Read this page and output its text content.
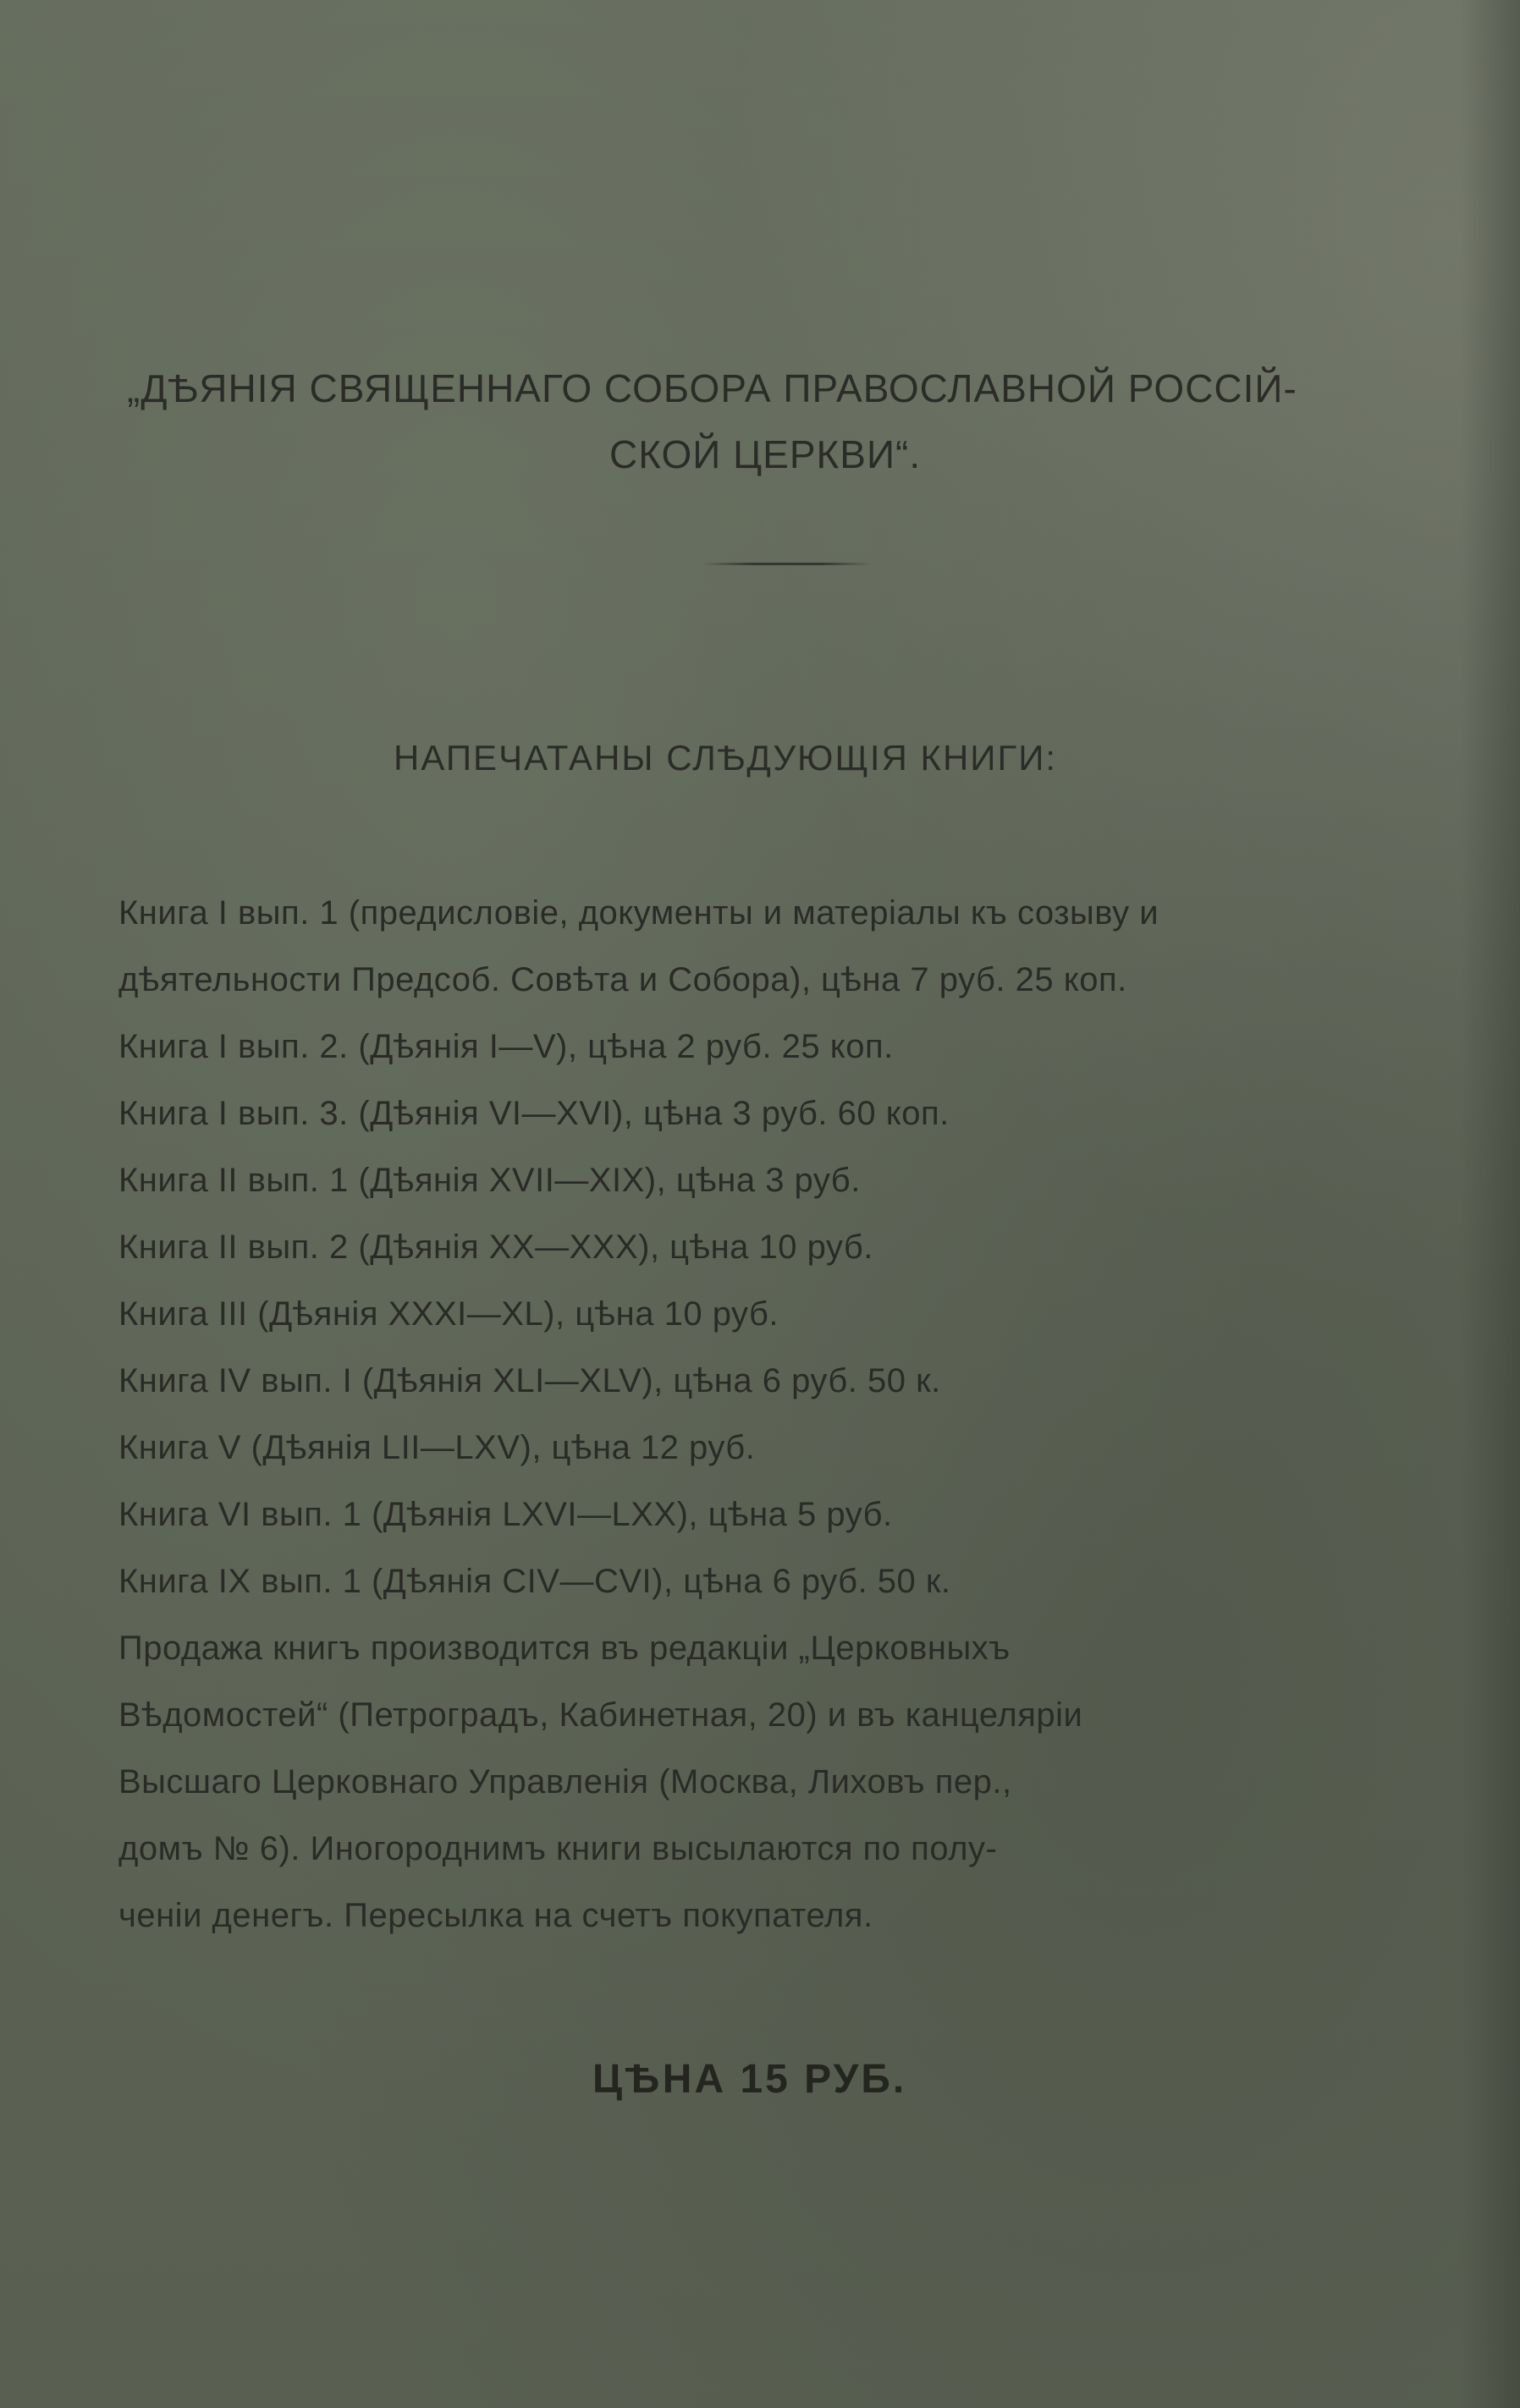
„ДѢЯНІЯ СВЯЩЕННАГО СОБОРА ПРАВОСЛАВНОЙ РОССІЙ-
СКОЙ ЦЕРКВИ“.
НАПЕЧАТАНЫ СЛѢДУЮЩІЯ КНИГИ:
Книга I вып. 1 (предисловіе, документы и матеріалы къ созыву и
дѣятельности Предсоб. Совѣта и Собора), цѣна 7 руб. 25 коп.
Книга I вып. 2. (Дѣянія I—V), цѣна 2 руб. 25 коп.
Книга I вып. 3. (Дѣянія VI—XVI), цѣна 3 руб. 60 коп.
Книга II вып. 1 (Дѣянія XVII—XIX), цѣна 3 руб.
Книга II вып. 2 (Дѣянія XX—XXX), цѣна 10 руб.
Книга III (Дѣянія XXXI—XL), цѣна 10 руб.
Книга IV вып. I (Дѣянія XLI—XLV), цѣна 6 руб. 50 к.
Книга V (Дѣянія LII—LXV), цѣна 12 руб.
Книга VI вып. 1 (Дѣянія LXVI—LXX), цѣна 5 руб.
Книга IX вып. 1 (Дѣянія CIV—CVI), цѣна 6 руб. 50 к.
Продажа книгъ производится въ редакціи „Церковныхъ
Вѣдомостей“ (Петроградъ, Кабинетная, 20) и въ канцеляріи
Высшаго Церковнаго Управленія (Москва, Лиховъ пер.,
домъ № 6). Иногороднимъ книги высылаются по полу-
ченіи денегъ. Пересылка на счетъ покупателя.
ЦѢНА 15 РУБ.
